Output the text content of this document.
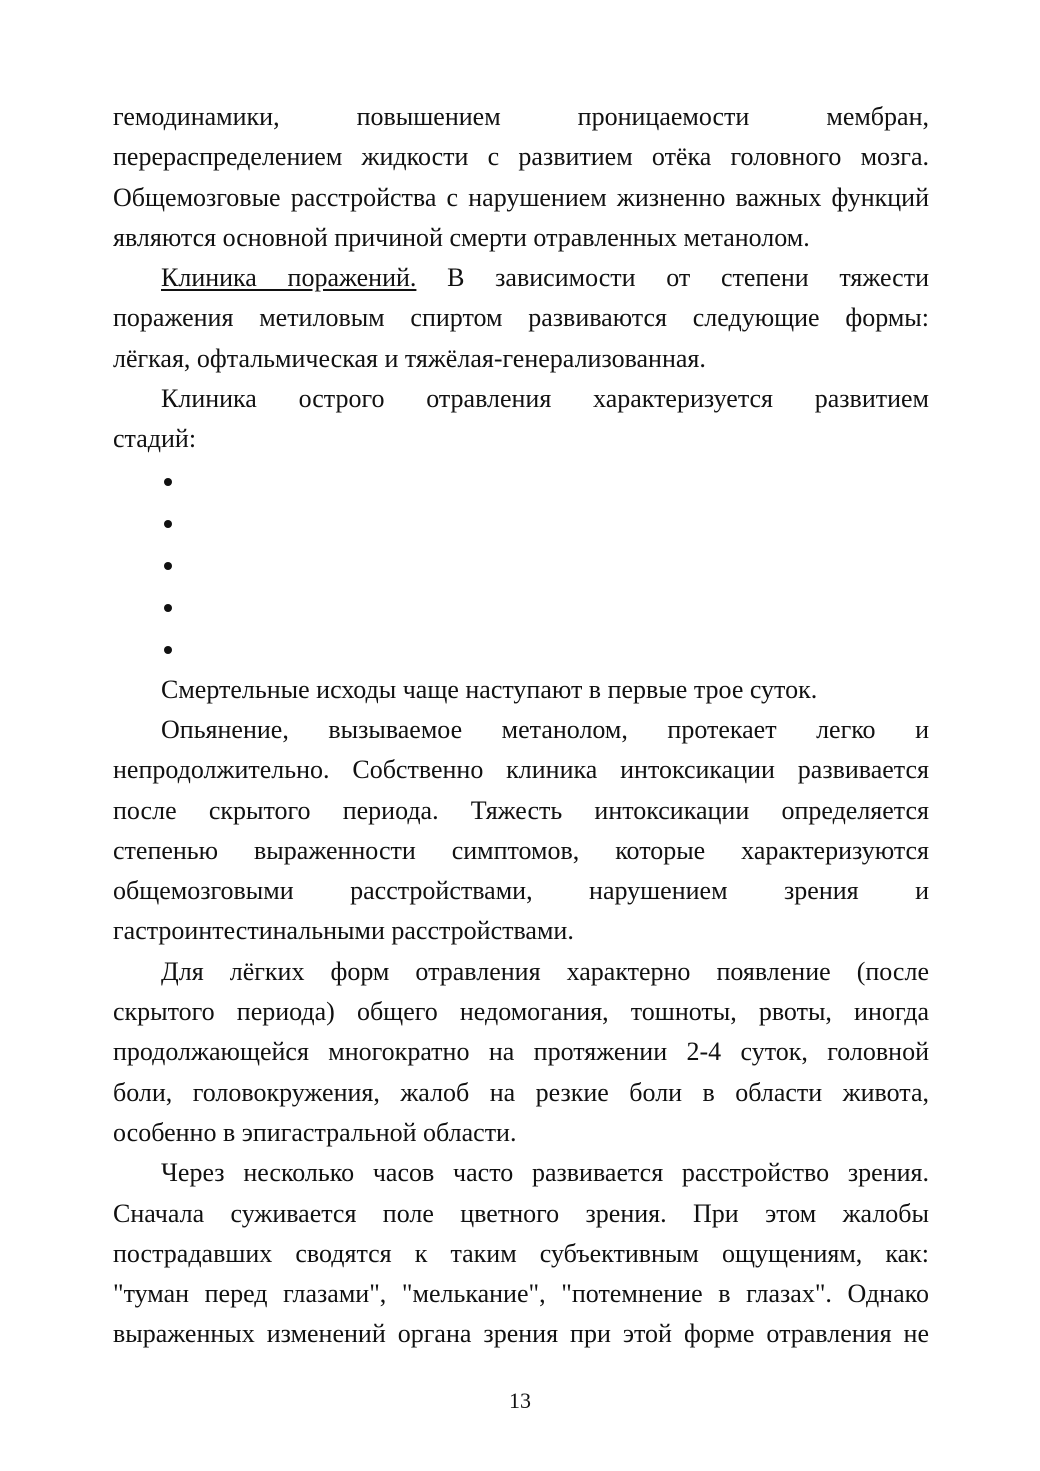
гемодинамики, повышением проницаемости мембран,
перераспределением жидкости с развитием отёка головного мозга.
Общемозговые расстройства с нарушением жизненно важных функций
являются основной причиной смерти отравленных метанолом.

Клиника поражений. В зависимости от степени тяжести
поражения метиловым спиртом развиваются следующие формы:
лёгкая, офтальмическая и тяжёлая-генерализованная.

Клиника острого отравления характеризуется развитием
стадий:

Смертельные исходы чаще наступают в первые трое суток.

Опьянение, вызываемое метанолом, протекает легко и
непродолжительно. Собственно клиника интоксикации развивается
после скрытого периода. Тяжесть интоксикации определяется
степенью выраженности симптомов, которые характеризуются
общемозговыми расстройствами, нарушением зрения и
гастроинтестинальными расстройствами.

Для лёгких форм отравления характерно появление (после
скрытого периода) общего недомогания, тошноты, рвоты, иногда
продолжающейся многократно на протяжении 2-4 суток, головной
боли, головокружения, жалоб на резкие боли в области живота,
особенно в эпигастральной области.

Через несколько часов часто развивается расстройство зрения.
Сначала суживается поле цветного зрения. При этом жалобы
пострадавших сводятся к таким субъективным ощущениям, как:
"туман перед глазами", "мелькание", "потемнение в глазах". Однако
выраженных изменений органа зрения при этой форме отравления не

13
